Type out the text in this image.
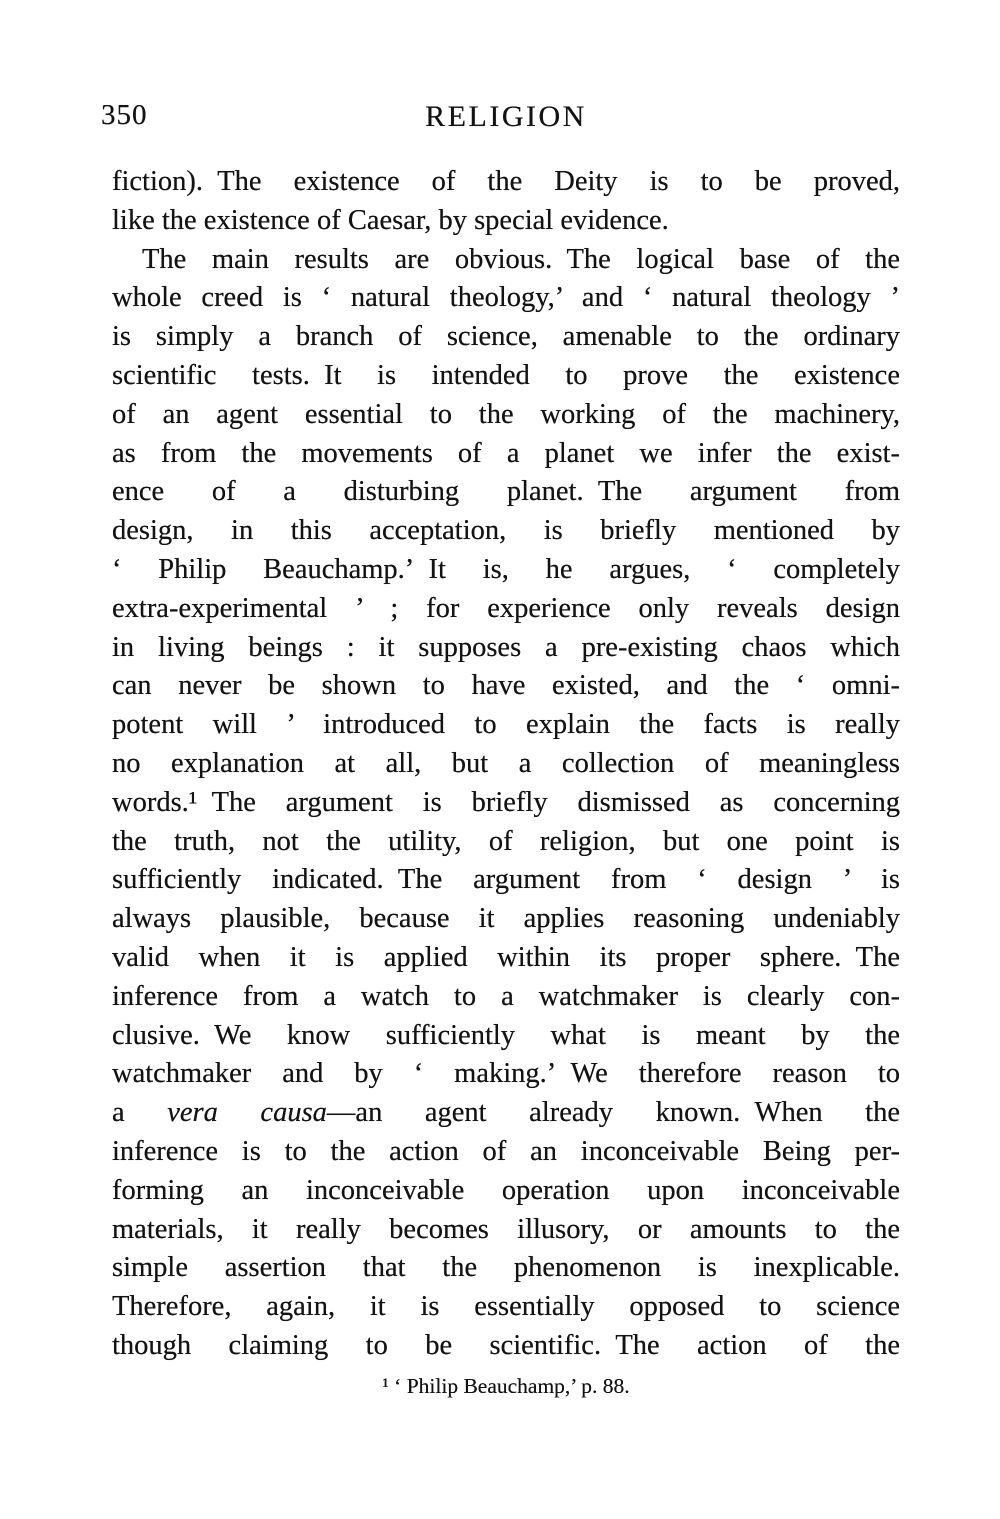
350	RELIGION
fiction). The existence of the Deity is to be proved,
like the existence of Caesar, by special evidence.
The main results are obvious. The logical base of the
whole creed is ‘ natural theology,’ and ‘ natural theology ’
is simply a branch of science, amenable to the ordinary
scientific tests. It is intended to prove the existence
of an agent essential to the working of the machinery,
as from the movements of a planet we infer the exist-
ence of a disturbing planet. The argument from
design, in this acceptation, is briefly mentioned by
‘ Philip Beauchamp.’ It is, he argues, ‘ completely
extra-experimental ’ ; for experience only reveals design
in living beings : it supposes a pre-existing chaos which
can never be shown to have existed, and the ‘ omni-
potent will ’ introduced to explain the facts is really
no explanation at all, but a collection of meaningless
words.¹ The argument is briefly dismissed as concerning
the truth, not the utility, of religion, but one point is
sufficiently indicated. The argument from ‘ design ’ is
always plausible, because it applies reasoning undeniably
valid when it is applied within its proper sphere. The
inference from a watch to a watchmaker is clearly con-
clusive. We know sufficiently what is meant by the
watchmaker and by ‘ making.’ We therefore reason to
a vera causa—an agent already known. When the
inference is to the action of an inconceivable Being per-
forming an inconceivable operation upon inconceivable
materials, it really becomes illusory, or amounts to the
simple assertion that the phenomenon is inexplicable.
Therefore, again, it is essentially opposed to science
though claiming to be scientific. The action of the
¹ ‘ Philip Beauchamp,’ p. 88.
